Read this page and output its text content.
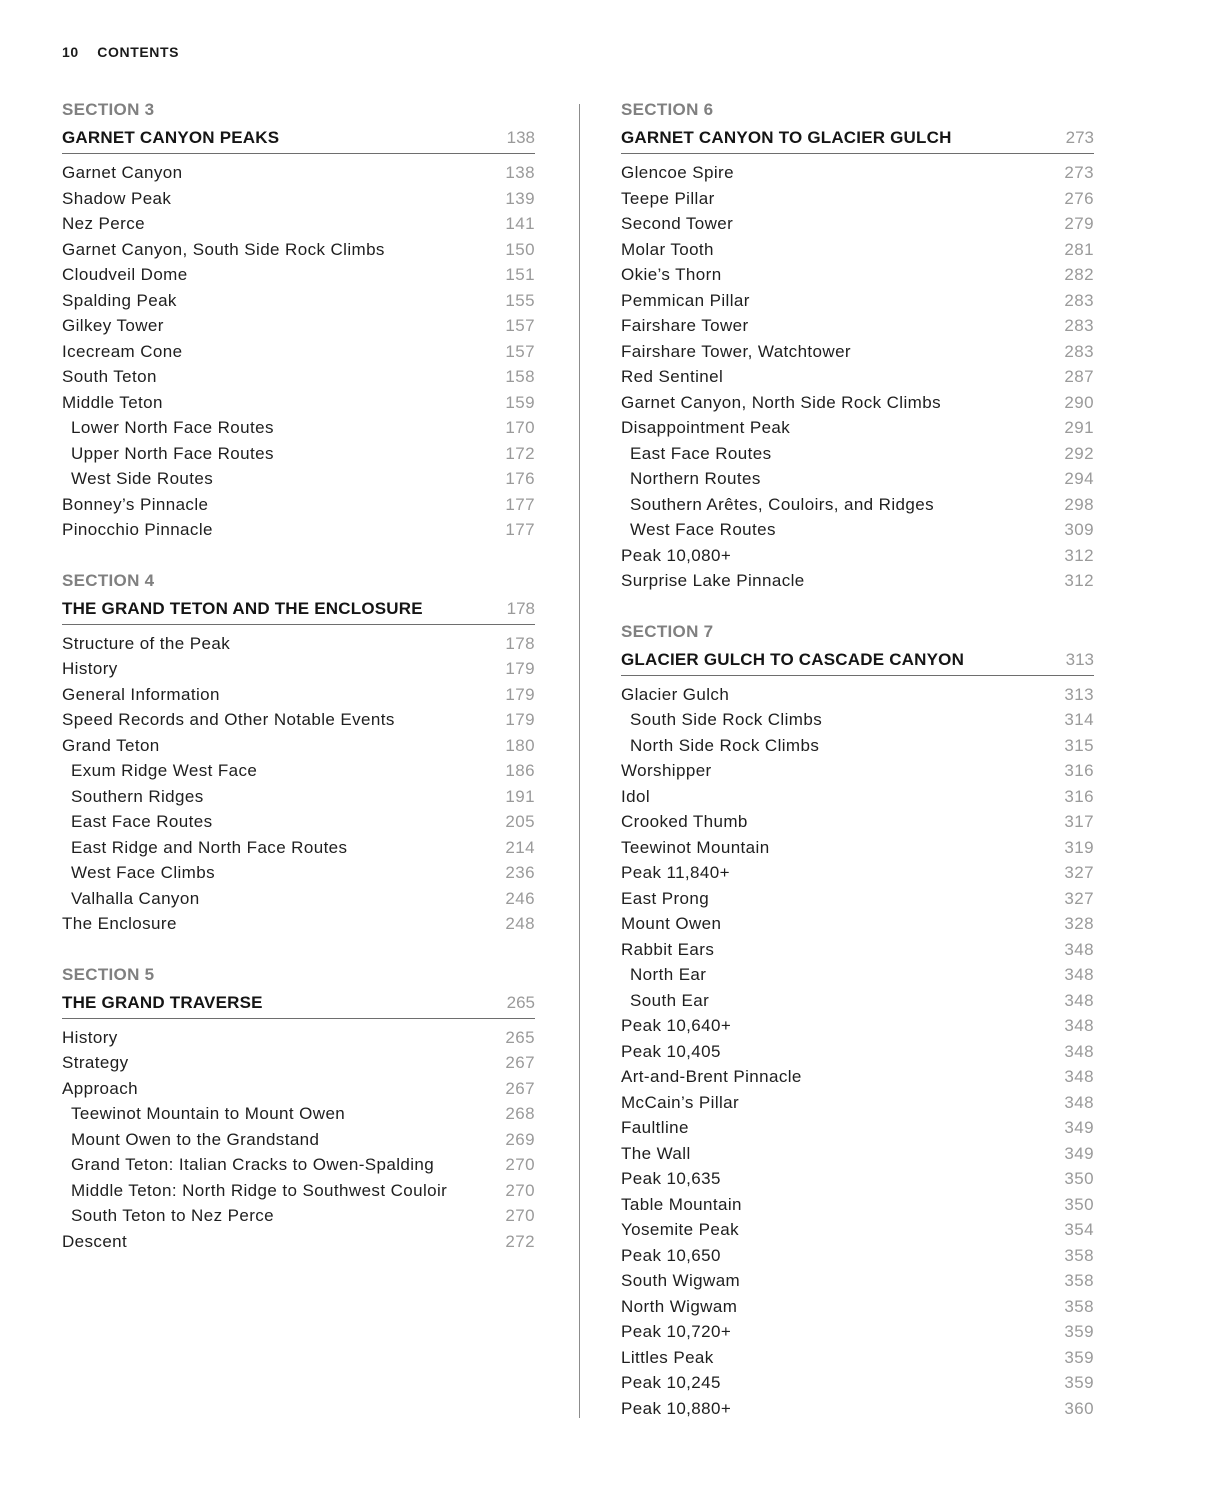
10 CONTENTS
SECTION 3
GARNET CANYON PEAKS	138
Garnet Canyon	138
Shadow Peak	139
Nez Perce	141
Garnet Canyon, South Side Rock Climbs	150
Cloudveil Dome	151
Spalding Peak	155
Gilkey Tower	157
Icecream Cone	157
South Teton	158
Middle Teton	159
Lower North Face Routes	170
Upper North Face Routes	172
West Side Routes	176
Bonney’s Pinnacle	177
Pinocchio Pinnacle	177
SECTION 4
THE GRAND TETON AND THE ENCLOSURE	178
Structure of the Peak	178
History	179
General Information	179
Speed Records and Other Notable Events	179
Grand Teton	180
Exum Ridge West Face	186
Southern Ridges	191
East Face Routes	205
East Ridge and North Face Routes	214
West Face Climbs	236
Valhalla Canyon	246
The Enclosure	248
SECTION 5
THE GRAND TRAVERSE	265
History	265
Strategy	267
Approach	267
Teewinot Mountain to Mount Owen	268
Mount Owen to the Grandstand	269
Grand Teton: Italian Cracks to Owen-Spalding	270
Middle Teton: North Ridge to Southwest Couloir	270
South Teton to Nez Perce	270
Descent	272
SECTION 6
GARNET CANYON TO GLACIER GULCH	273
Glencoe Spire	273
Teepe Pillar	276
Second Tower	279
Molar Tooth	281
Okie’s Thorn	282
Pemmican Pillar	283
Fairshare Tower	283
Fairshare Tower, Watchtower	283
Red Sentinel	287
Garnet Canyon, North Side Rock Climbs	290
Disappointment Peak	291
East Face Routes	292
Northern Routes	294
Southern Arêtes, Couloirs, and Ridges	298
West Face Routes	309
Peak 10,080+	312
Surprise Lake Pinnacle	312
SECTION 7
GLACIER GULCH TO CASCADE CANYON	313
Glacier Gulch	313
South Side Rock Climbs	314
North Side Rock Climbs	315
Worshipper	316
Idol	316
Crooked Thumb	317
Teewinot Mountain	319
Peak 11,840+	327
East Prong	327
Mount Owen	328
Rabbit Ears	348
North Ear	348
South Ear	348
Peak 10,640+	348
Peak 10,405	348
Art-and-Brent Pinnacle	348
McCain’s Pillar	348
Faultline	349
The Wall	349
Peak 10,635	350
Table Mountain	350
Yosemite Peak	354
Peak 10,650	358
South Wigwam	358
North Wigwam	358
Peak 10,720+	359
Littles Peak	359
Peak 10,245	359
Peak 10,880+	360
